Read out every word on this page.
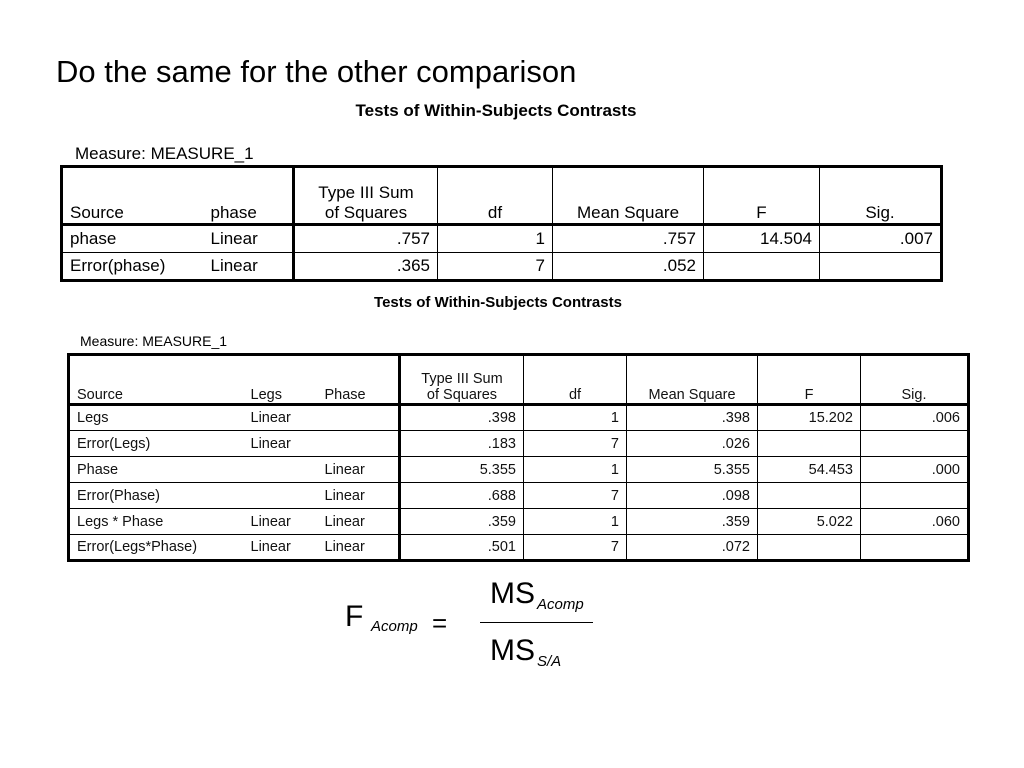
Do the same for the other comparison
Tests of Within-Subjects Contrasts
Measure: MEASURE_1
Source	phase	Type III Sum
of Squares	df	Mean Square	F	Sig.
phase	Linear	.757	1	.757	14.504	.007
Error(phase)	Linear	.365	7	.052		
Tests of Within-Subjects Contrasts
Measure: MEASURE_1
Source	Legs	Phase	Type III Sum
of Squares	df	Mean Square	F	Sig.
Legs	Linear		.398	1	.398	15.202	.006
Error(Legs)	Linear		.183	7	.026		
Phase		Linear	5.355	1	5.355	54.453	.000
Error(Phase)		Linear	.688	7	.098		
Legs * Phase	Linear	Linear	.359	1	.359	5.022	.060
Error(Legs*Phase)	Linear	Linear	.501	7	.072		
F Acomp =
MS Acomp
MS S/A
